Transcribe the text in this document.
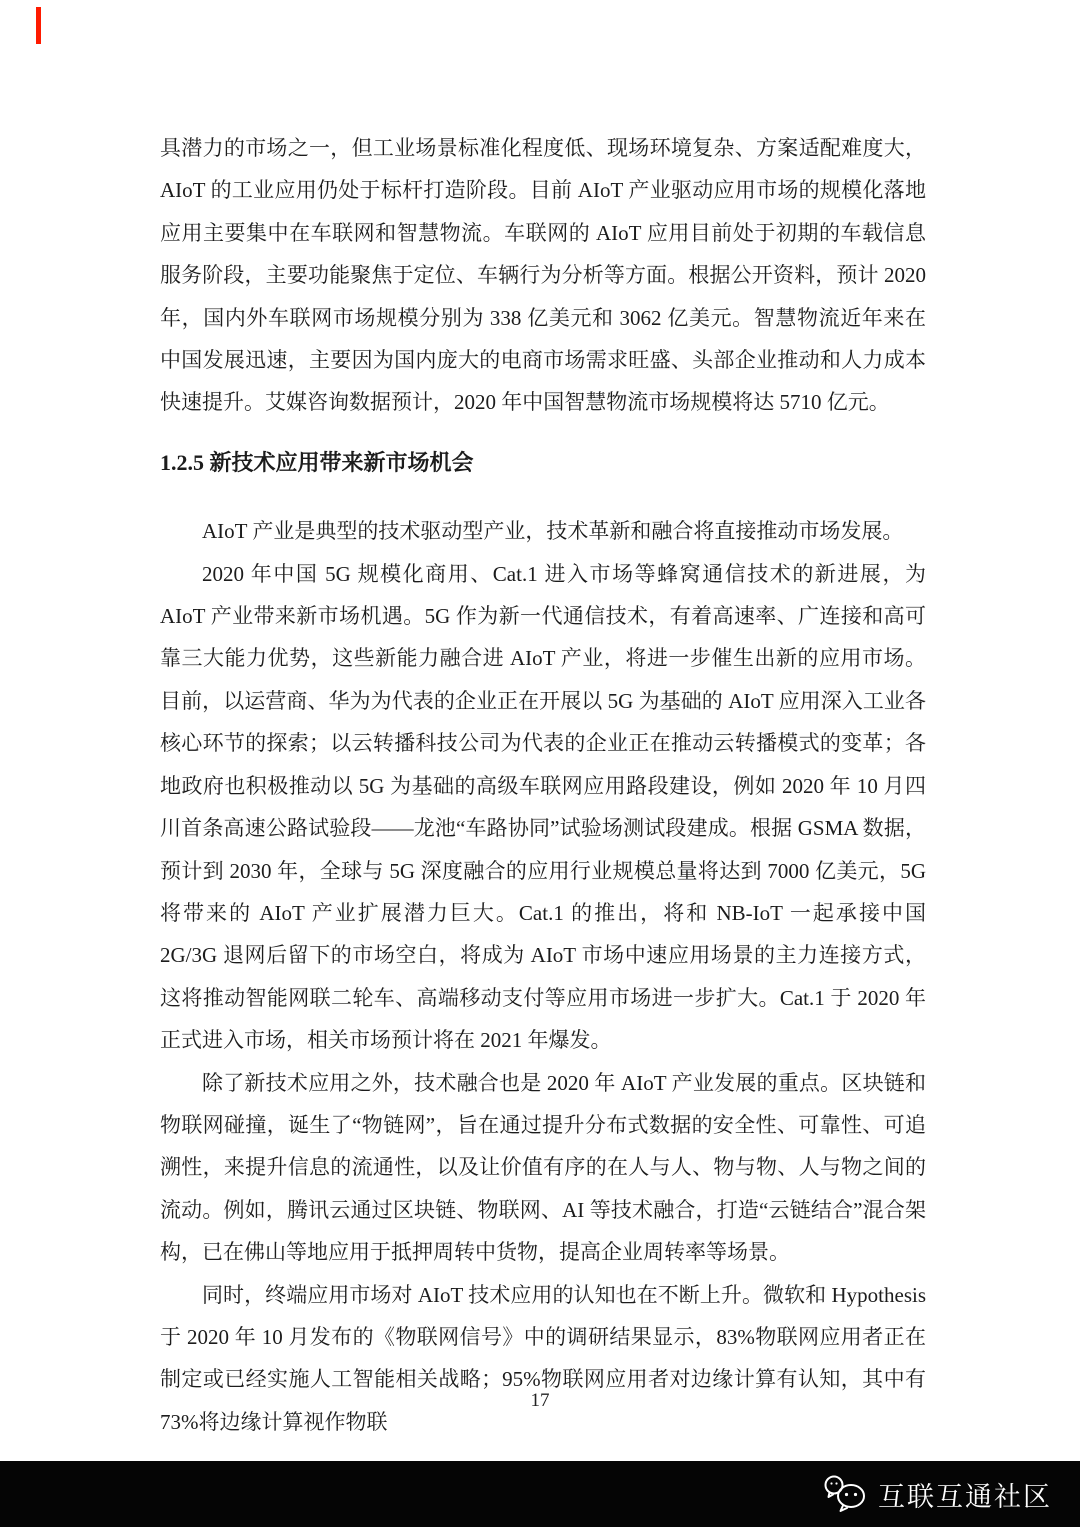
具潜力的市场之一，但工业场景标准化程度低、现场环境复杂、方案适配难度大，AIoT 的工业应用仍处于标杆打造阶段。目前 AIoT 产业驱动应用市场的规模化落地应用主要集中在车联网和智慧物流。车联网的 AIoT 应用目前处于初期的车载信息服务阶段，主要功能聚焦于定位、车辆行为分析等方面。根据公开资料，预计 2020 年，国内外车联网市场规模分别为 338 亿美元和 3062 亿美元。智慧物流近年来在中国发展迅速，主要因为国内庞大的电商市场需求旺盛、头部企业推动和人力成本快速提升。艾媒咨询数据预计，2020 年中国智慧物流市场规模将达 5710 亿元。

1.2.5 新技术应用带来新市场机会

AIoT 产业是典型的技术驱动型产业，技术革新和融合将直接推动市场发展。

2020 年中国 5G 规模化商用、Cat.1 进入市场等蜂窝通信技术的新进展，为 AIoT 产业带来新市场机遇。5G 作为新一代通信技术，有着高速率、广连接和高可靠三大能力优势，这些新能力融合进 AIoT 产业，将进一步催生出新的应用市场。目前，以运营商、华为为代表的企业正在开展以 5G 为基础的 AIoT 应用深入工业各核心环节的探索；以云转播科技公司为代表的企业正在推动云转播模式的变革；各地政府也积极推动以 5G 为基础的高级车联网应用路段建设，例如 2020 年 10 月四川首条高速公路试验段——龙池“车路协同”试验场测试段建成。根据 GSMA 数据，预计到 2030 年，全球与 5G 深度融合的应用行业规模总量将达到 7000 亿美元，5G 将带来的 AIoT 产业扩展潜力巨大。Cat.1 的推出，将和 NB-IoT 一起承接中国 2G/3G 退网后留下的市场空白，将成为 AIoT 市场中速应用场景的主力连接方式，这将推动智能网联二轮车、高端移动支付等应用市场进一步扩大。Cat.1 于 2020 年正式进入市场，相关市场预计将在 2021 年爆发。

除了新技术应用之外，技术融合也是 2020 年 AIoT 产业发展的重点。区块链和物联网碰撞，诞生了“物链网”，旨在通过提升分布式数据的安全性、可靠性、可追溯性，来提升信息的流通性，以及让价值有序的在人与人、物与物、人与物之间的流动。例如，腾讯云通过区块链、物联网、AI 等技术融合，打造“云链结合”混合架构，已在佛山等地应用于抵押周转中货物，提高企业周转率等场景。

同时，终端应用市场对 AIoT 技术应用的认知也在不断上升。微软和 Hypothesis 于 2020 年 10 月发布的《物联网信号》中的调研结果显示，83%物联网应用者正在制定或已经实施人工智能相关战略；95%物联网应用者对边缘计算有认知，其中有 73%将边缘计算视作物联

17
互联互通社区
